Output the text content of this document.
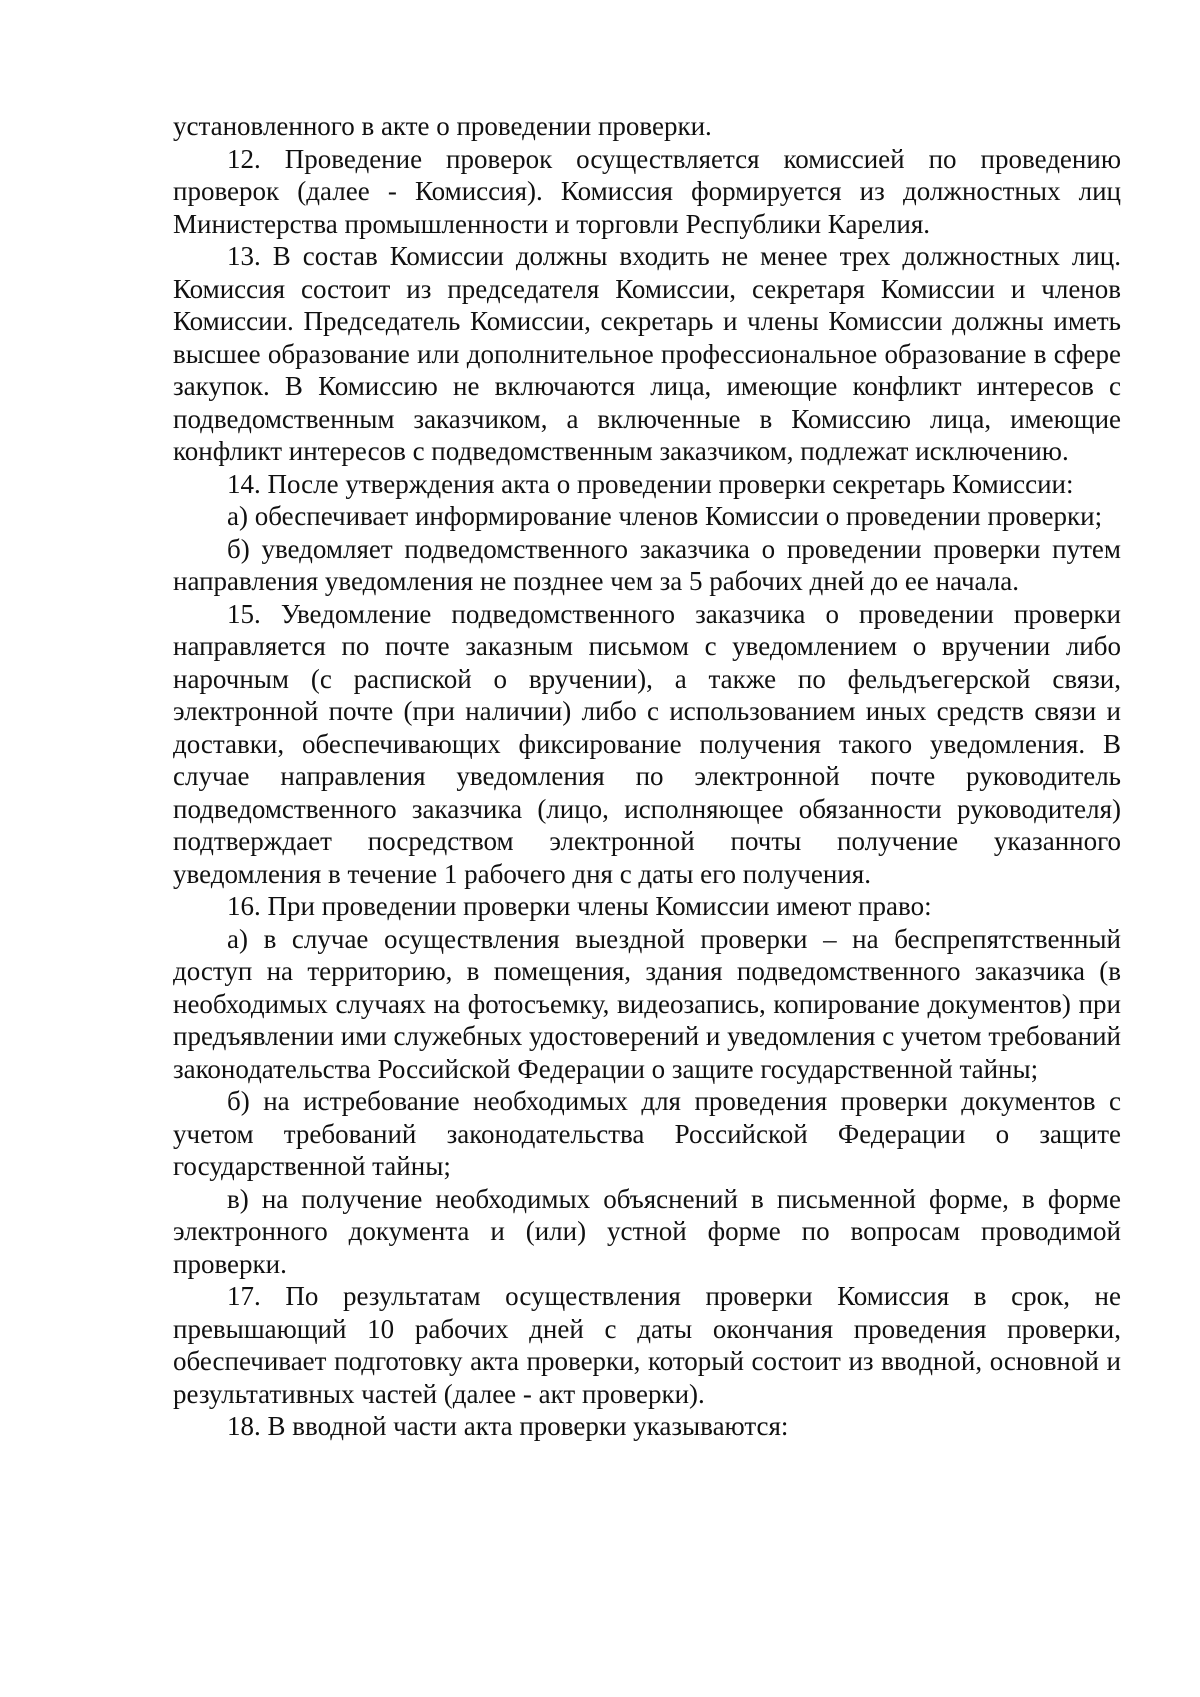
установленного в акте о проведении проверки.

12. Проведение проверок осуществляется комиссией по проведению проверок (далее - Комиссия). Комиссия формируется из должностных лиц Министерства промышленности и торговли Республики Карелия.

13. В состав Комиссии должны входить не менее трех должностных лиц. Комиссия состоит из председателя Комиссии, секретаря Комиссии и членов Комиссии. Председатель Комиссии, секретарь и члены Комиссии должны иметь высшее образование или дополнительное профессиональное образование в сфере закупок. В Комиссию не включаются лица, имеющие конфликт интересов с подведомственным заказчиком, а включенные в Комиссию лица, имеющие конфликт интересов с подведомственным заказчиком, подлежат исключению.

14. После утверждения акта о проведении проверки секретарь Комиссии:

а) обеспечивает информирование членов Комиссии о проведении проверки;

б) уведомляет подведомственного заказчика о проведении проверки путем направления уведомления не позднее чем за 5 рабочих дней до ее начала.

15. Уведомление подведомственного заказчика о проведении проверки направляется по почте заказным письмом с уведомлением о вручении либо нарочным (с распиской о вручении), а также по фельдъегерской связи, электронной почте (при наличии) либо с использованием иных средств связи и доставки, обеспечивающих фиксирование получения такого уведомления. В случае направления уведомления по электронной почте руководитель подведомственного заказчика (лицо, исполняющее обязанности руководителя) подтверждает посредством электронной почты получение указанного уведомления в течение 1 рабочего дня с даты его получения.

16. При проведении проверки члены Комиссии имеют право:

а) в случае осуществления выездной проверки – на беспрепятственный доступ на территорию, в помещения, здания подведомственного заказчика (в необходимых случаях на фотосъемку, видеозапись, копирование документов) при предъявлении ими служебных удостоверений и уведомления с учетом требований законодательства Российской Федерации о защите государственной тайны;

б) на истребование необходимых для проведения проверки документов с учетом требований законодательства Российской Федерации о защите государственной тайны;

в) на получение необходимых объяснений в письменной форме, в форме электронного документа и (или) устной форме по вопросам проводимой проверки.

17. По результатам осуществления проверки Комиссия в срок, не превышающий 10 рабочих дней с даты окончания проведения проверки, обеспечивает подготовку акта проверки, который состоит из вводной, основной и результативных частей (далее - акт проверки).

18. В вводной части акта проверки указываются:
